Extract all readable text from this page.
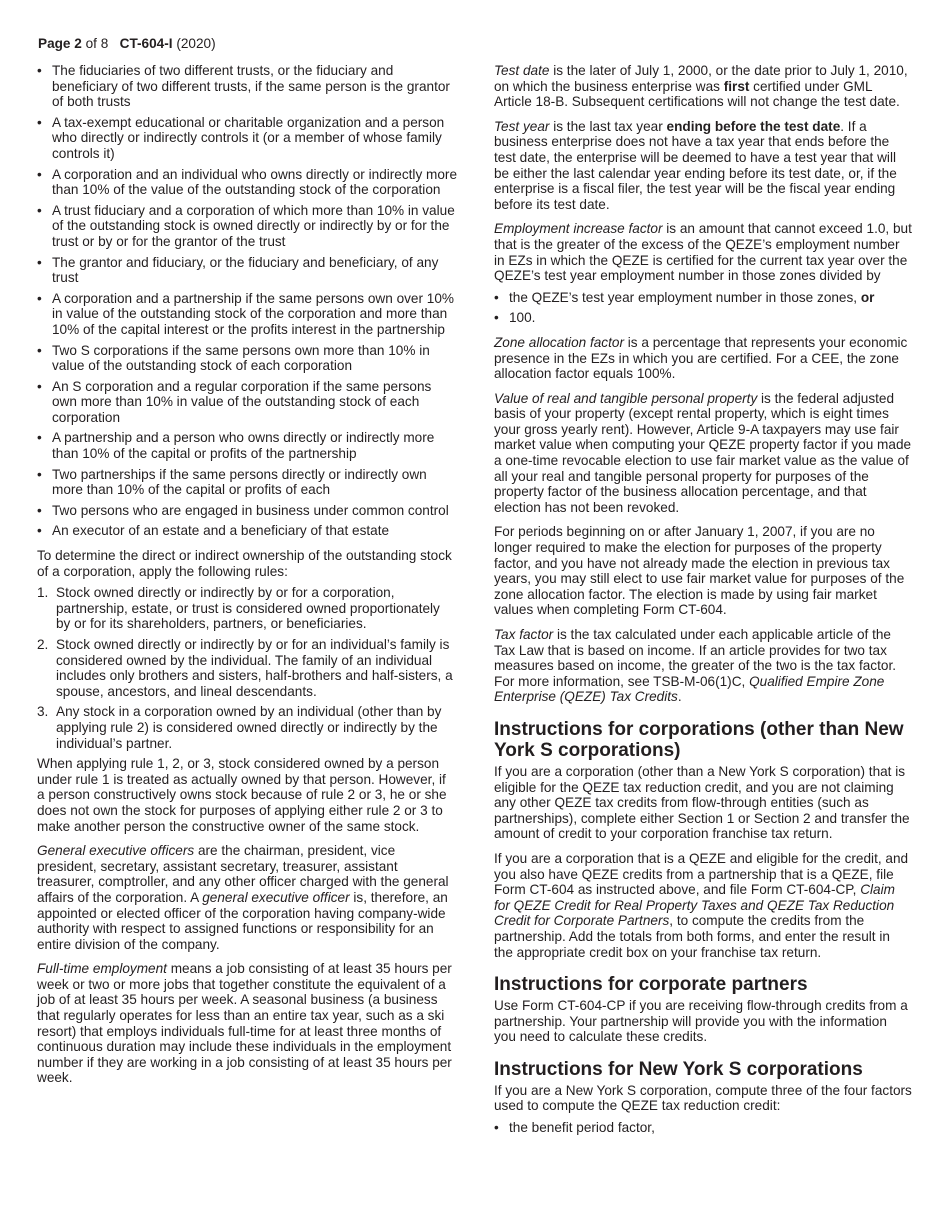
Page 2 of 8 CT-604-I (2020)
• The fiduciaries of two different trusts, or the fiduciary and beneficiary of two different trusts, if the same person is the grantor of both trusts
• A tax-exempt educational or charitable organization and a person who directly or indirectly controls it (or a member of whose family controls it)
• A corporation and an individual who owns directly or indirectly more than 10% of the value of the outstanding stock of the corporation
• A trust fiduciary and a corporation of which more than 10% in value of the outstanding stock is owned directly or indirectly by or for the trust or by or for the grantor of the trust
• The grantor and fiduciary, or the fiduciary and beneficiary, of any trust
• A corporation and a partnership if the same persons own over 10% in value of the outstanding stock of the corporation and more than 10% of the capital interest or the profits interest in the partnership
• Two S corporations if the same persons own more than 10% in value of the outstanding stock of each corporation
• An S corporation and a regular corporation if the same persons own more than 10% in value of the outstanding stock of each corporation
• A partnership and a person who owns directly or indirectly more than 10% of the capital or profits of the partnership
• Two partnerships if the same persons directly or indirectly own more than 10% of the capital or profits of each
• Two persons who are engaged in business under common control
• An executor of an estate and a beneficiary of that estate

To determine the direct or indirect ownership of the outstanding stock of a corporation, apply the following rules:

1. Stock owned directly or indirectly by or for a corporation, partnership, estate, or trust is considered owned proportionately by or for its shareholders, partners, or beneficiaries.
2. Stock owned directly or indirectly by or for an individual’s family is considered owned by the individual. The family of an individual includes only brothers and sisters, half-brothers and half-sisters, a spouse, ancestors, and lineal descendants.
3. Any stock in a corporation owned by an individual (other than by applying rule 2) is considered owned directly or indirectly by the individual’s partner.

When applying rule 1, 2, or 3, stock considered owned by a person under rule 1 is treated as actually owned by that person. However, if a person constructively owns stock because of rule 2 or 3, he or she does not own the stock for purposes of applying either rule 2 or 3 to make another person the constructive owner of the same stock.

General executive officers are the chairman, president, vice president, secretary, assistant secretary, treasurer, assistant treasurer, comptroller, and any other officer charged with the general affairs of the corporation. A general executive officer is, therefore, an appointed or elected officer of the corporation having company-wide authority with respect to assigned functions or responsibility for an entire division of the company.

Full-time employment means a job consisting of at least 35 hours per week or two or more jobs that together constitute the equivalent of a job of at least 35 hours per week. A seasonal business (a business that regularly operates for less than an entire tax year, such as a ski resort) that employs individuals full-time for at least three months of continuous duration may include these individuals in the employment number if they are working in a job consisting of at least 35 hours per week.

Test date is the later of July 1, 2000, or the date prior to July 1, 2010, on which the business enterprise was first certified under GML Article 18-B. Subsequent certifications will not change the test date.

Test year is the last tax year ending before the test date. If a business enterprise does not have a tax year that ends before the test date, the enterprise will be deemed to have a test year that will be either the last calendar year ending before its test date, or, if the enterprise is a fiscal filer, the test year will be the fiscal year ending before its test date.

Employment increase factor is an amount that cannot exceed 1.0, but that is the greater of the excess of the QEZE’s employment number in EZs in which the QEZE is certified for the current tax year over the QEZE’s test year employment number in those zones divided by

• the QEZE’s test year employment number in those zones, or
• 100.

Zone allocation factor is a percentage that represents your economic presence in the EZs in which you are certified. For a CEE, the zone allocation factor equals 100%.

Value of real and tangible personal property is the federal adjusted basis of your property (except rental property, which is eight times your gross yearly rent). However, Article 9-A taxpayers may use fair market value when computing your QEZE property factor if you made a one-time revocable election to use fair market value as the value of all your real and tangible personal property for purposes of the property factor of the business allocation percentage, and that election has not been revoked.

For periods beginning on or after January 1, 2007, if you are no longer required to make the election for purposes of the property factor, and you have not already made the election in previous tax years, you may still elect to use fair market value for purposes of the zone allocation factor. The election is made by using fair market values when completing Form CT-604.

Tax factor is the tax calculated under each applicable article of the Tax Law that is based on income. If an article provides for two tax measures based on income, the greater of the two is the tax factor. For more information, see TSB-M-06(1)C, Qualified Empire Zone Enterprise (QEZE) Tax Credits.

Instructions for corporations (other than New York S corporations)

If you are a corporation (other than a New York S corporation) that is eligible for the QEZE tax reduction credit, and you are not claiming any other QEZE tax credits from flow-through entities (such as partnerships), complete either Section 1 or Section 2 and transfer the amount of credit to your corporation franchise tax return.

If you are a corporation that is a QEZE and eligible for the credit, and you also have QEZE credits from a partnership that is a QEZE, file Form CT-604 as instructed above, and file Form CT-604-CP, Claim for QEZE Credit for Real Property Taxes and QEZE Tax Reduction Credit for Corporate Partners, to compute the credits from the partnership. Add the totals from both forms, and enter the result in the appropriate credit box on your franchise tax return.

Instructions for corporate partners

Use Form CT-604-CP if you are receiving flow-through credits from a partnership. Your partnership will provide you with the information you need to calculate these credits.

Instructions for New York S corporations

If you are a New York S corporation, compute three of the four factors used to compute the QEZE tax reduction credit:

• the benefit period factor,
